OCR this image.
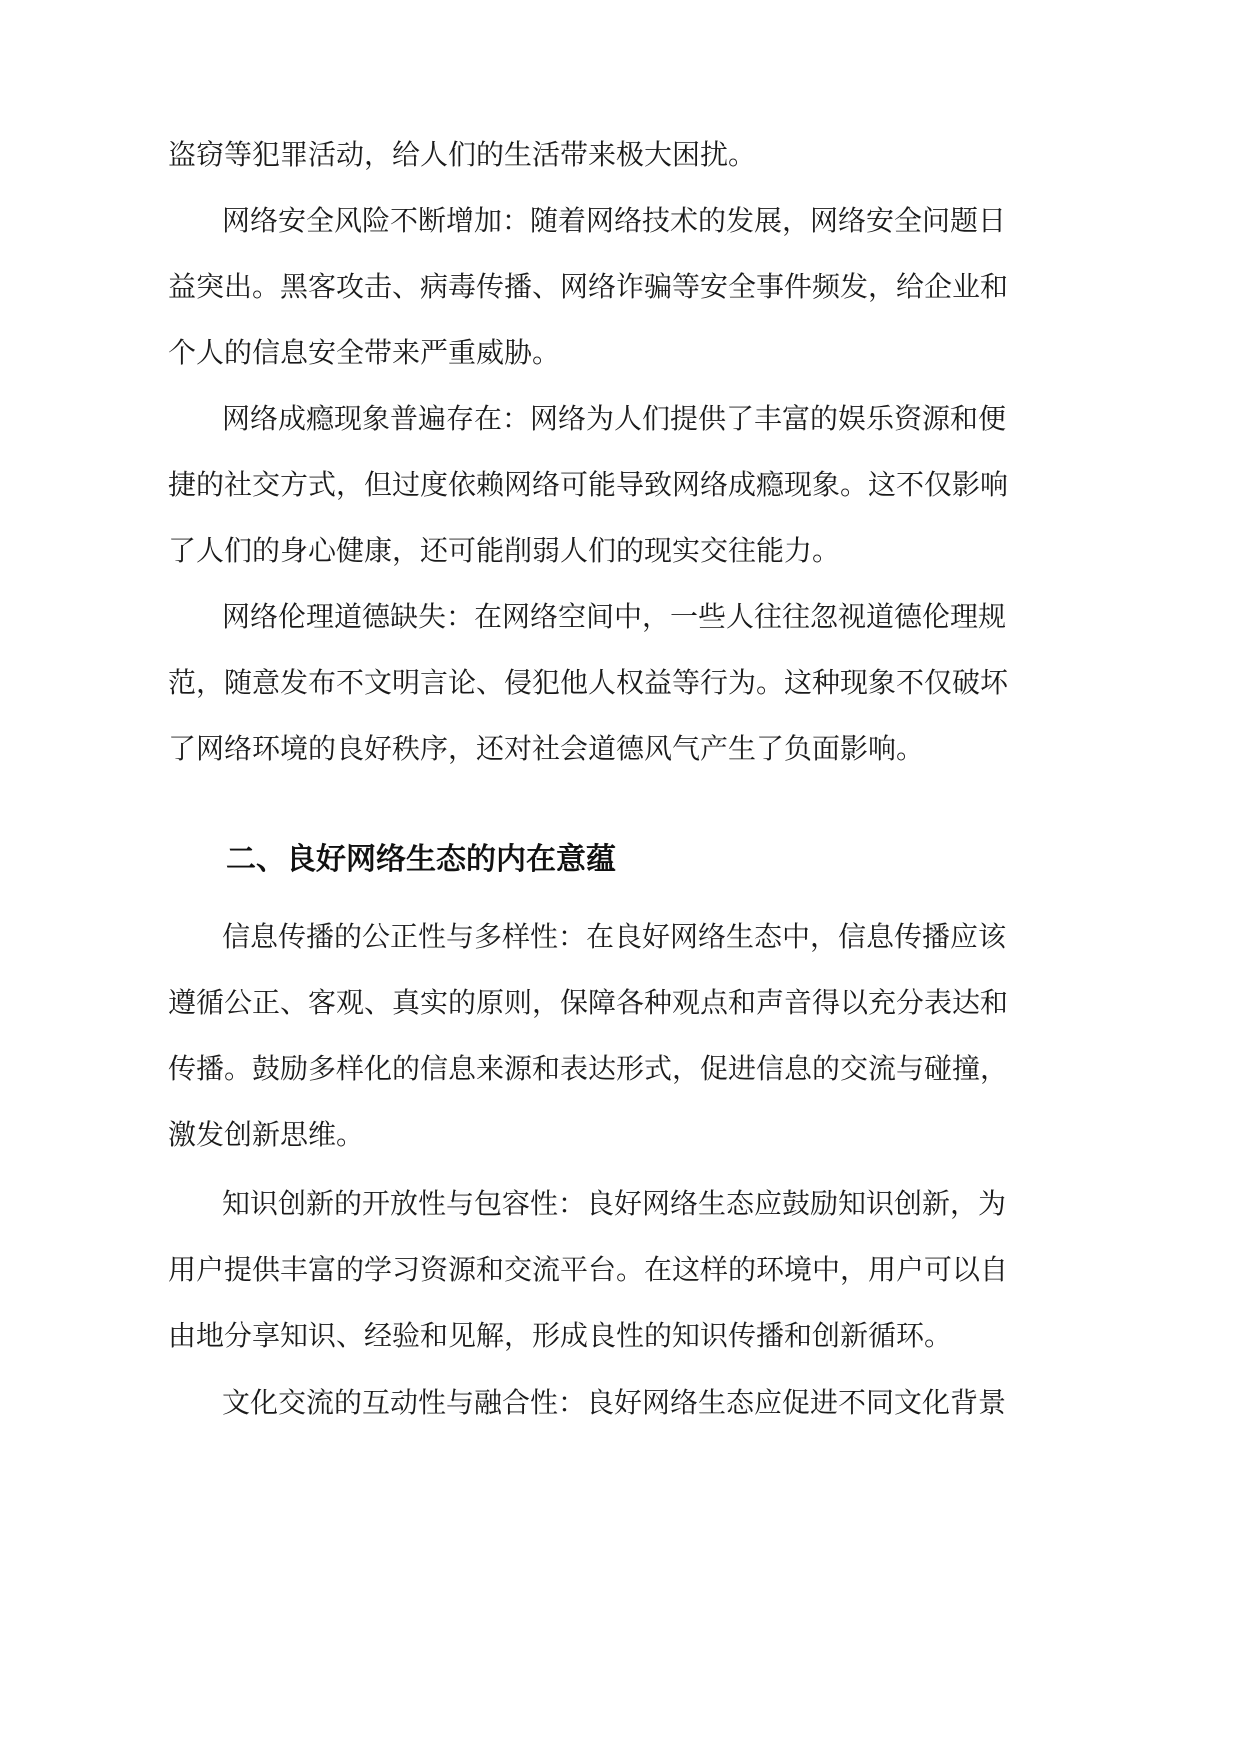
盗窃等犯罪活动，给人们的生活带来极大困扰。
网络安全风险不断增加：随着网络技术的发展，网络安全问题日
益突出。黑客攻击、病毒传播、网络诈骗等安全事件频发，给企业和
个人的信息安全带来严重威胁。
网络成瘾现象普遍存在：网络为人们提供了丰富的娱乐资源和便
捷的社交方式，但过度依赖网络可能导致网络成瘾现象。这不仅影响
了人们的身心健康，还可能削弱人们的现实交往能力。
网络伦理道德缺失：在网络空间中，一些人往往忽视道德伦理规
范，随意发布不文明言论、侵犯他人权益等行为。这种现象不仅破坏
了网络环境的良好秩序，还对社会道德风气产生了负面影响。
二、良好网络生态的内在意蕴
信息传播的公正性与多样性：在良好网络生态中，信息传播应该
遵循公正、客观、真实的原则，保障各种观点和声音得以充分表达和
传播。鼓励多样化的信息来源和表达形式，促进信息的交流与碰撞，
激发创新思维。
知识创新的开放性与包容性：良好网络生态应鼓励知识创新，为
用户提供丰富的学习资源和交流平台。在这样的环境中，用户可以自
由地分享知识、经验和见解，形成良性的知识传播和创新循环。
文化交流的互动性与融合性：良好网络生态应促进不同文化背景
